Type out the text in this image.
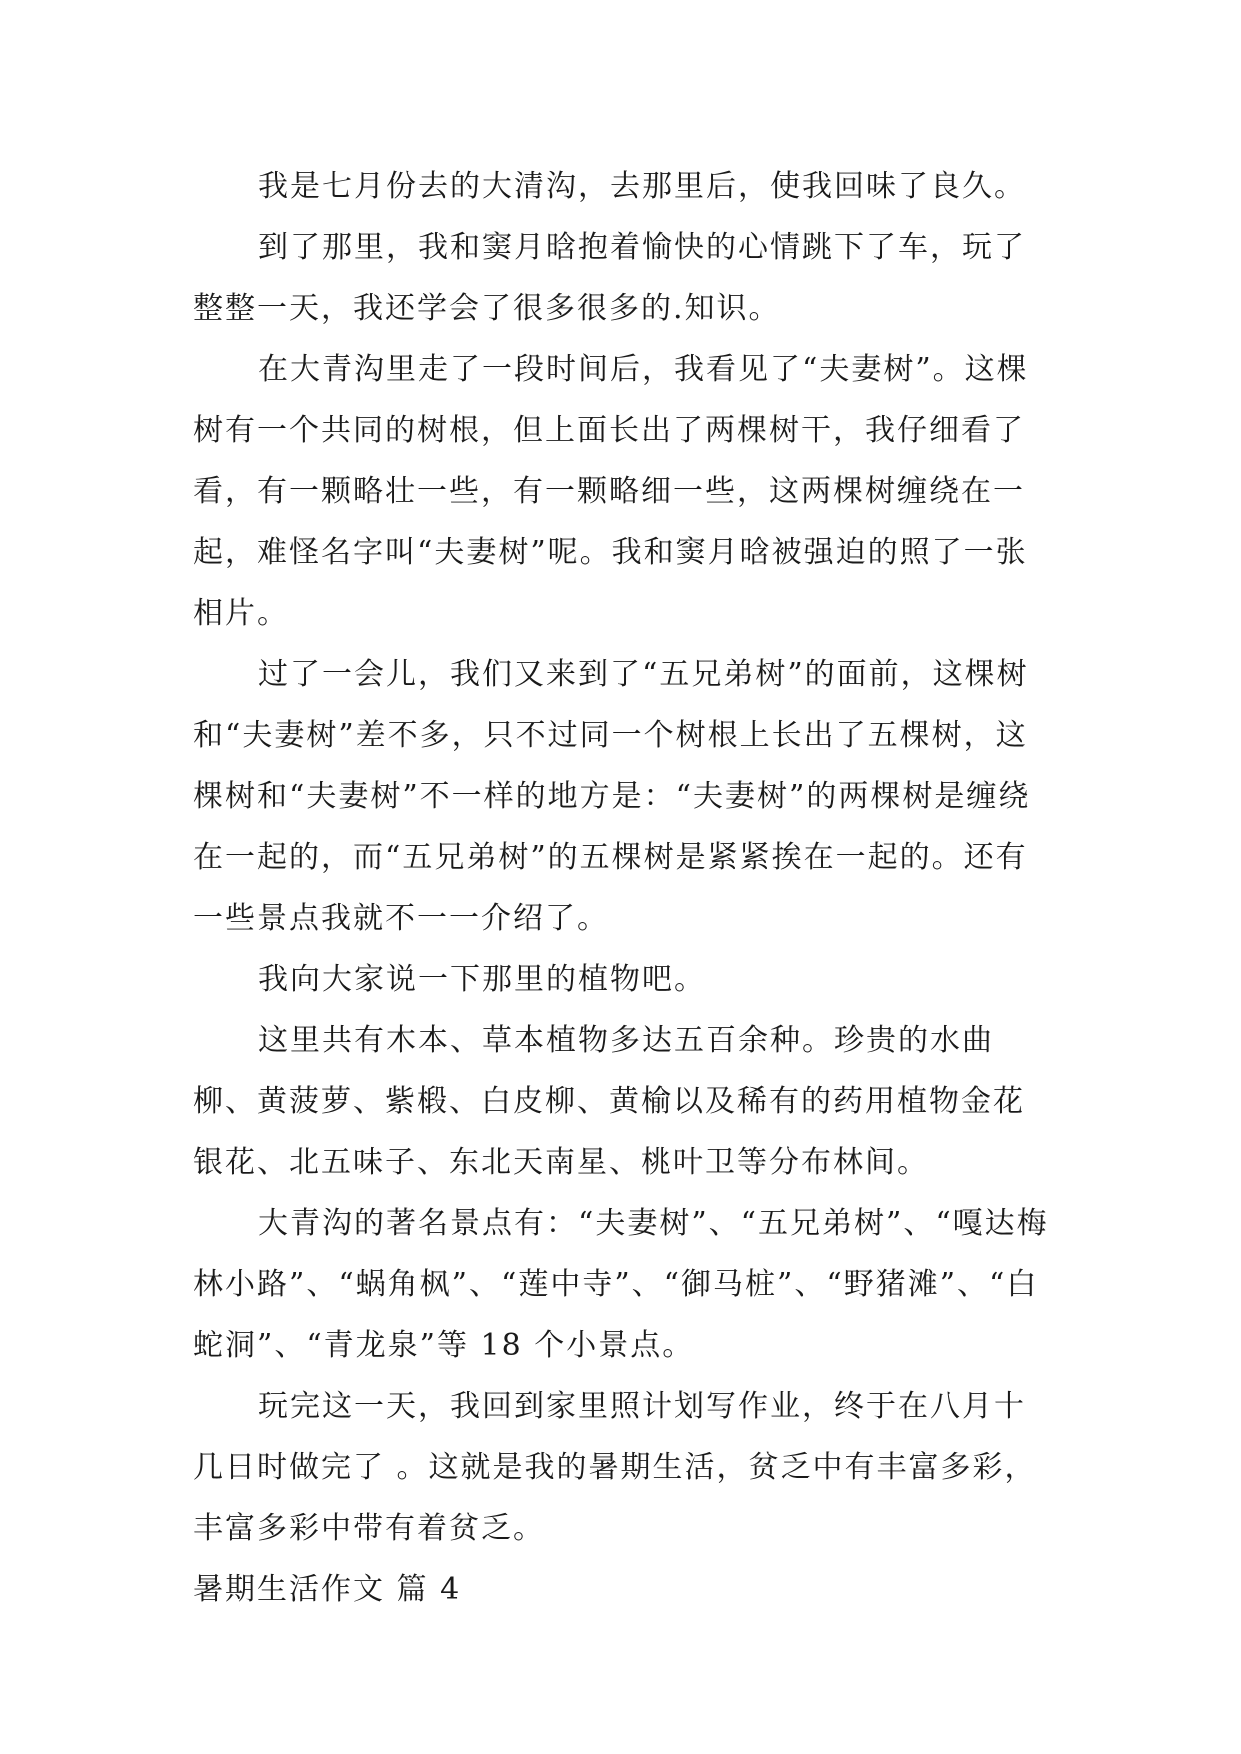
我是七月份去的大清沟，去那里后，使我回味了良久。

到了那里，我和窦月晗抱着愉快的心情跳下了车，玩了整整一天，我还学会了很多很多的.知识。

在大青沟里走了一段时间后，我看见了“夫妻树”。这棵树有一个共同的树根，但上面长出了两棵树干，我仔细看了看，有一颗略壮一些，有一颗略细一些，这两棵树缠绕在一起，难怪名字叫“夫妻树”呢。我和窦月晗被强迫的照了一张相片。

过了一会儿，我们又来到了“五兄弟树”的面前，这棵树和“夫妻树”差不多，只不过同一个树根上长出了五棵树，这棵树和“夫妻树”不一样的地方是：“夫妻树”的两棵树是缠绕在一起的，而“五兄弟树”的五棵树是紧紧挨在一起的。还有一些景点我就不一一介绍了。

我向大家说一下那里的植物吧。

这里共有木本、草本植物多达五百余种。珍贵的水曲柳、黄菠萝、紫椴、白皮柳、黄榆以及稀有的药用植物金花银花、北五味子、东北天南星、桃叶卫等分布林间。

大青沟的著名景点有：“夫妻树”、“五兄弟树”、“嘎达梅林小路”、“蜗角枫”、“莲中寺”、“御马桩”、“野猪滩”、“白蛇洞”、“青龙泉”等 18 个小景点。

玩完这一天，我回到家里照计划写作业，终于在八月十几日时做完了 。这就是我的暑期生活，贫乏中有丰富多彩，丰富多彩中带有着贫乏。

暑期生活作文 篇 4
